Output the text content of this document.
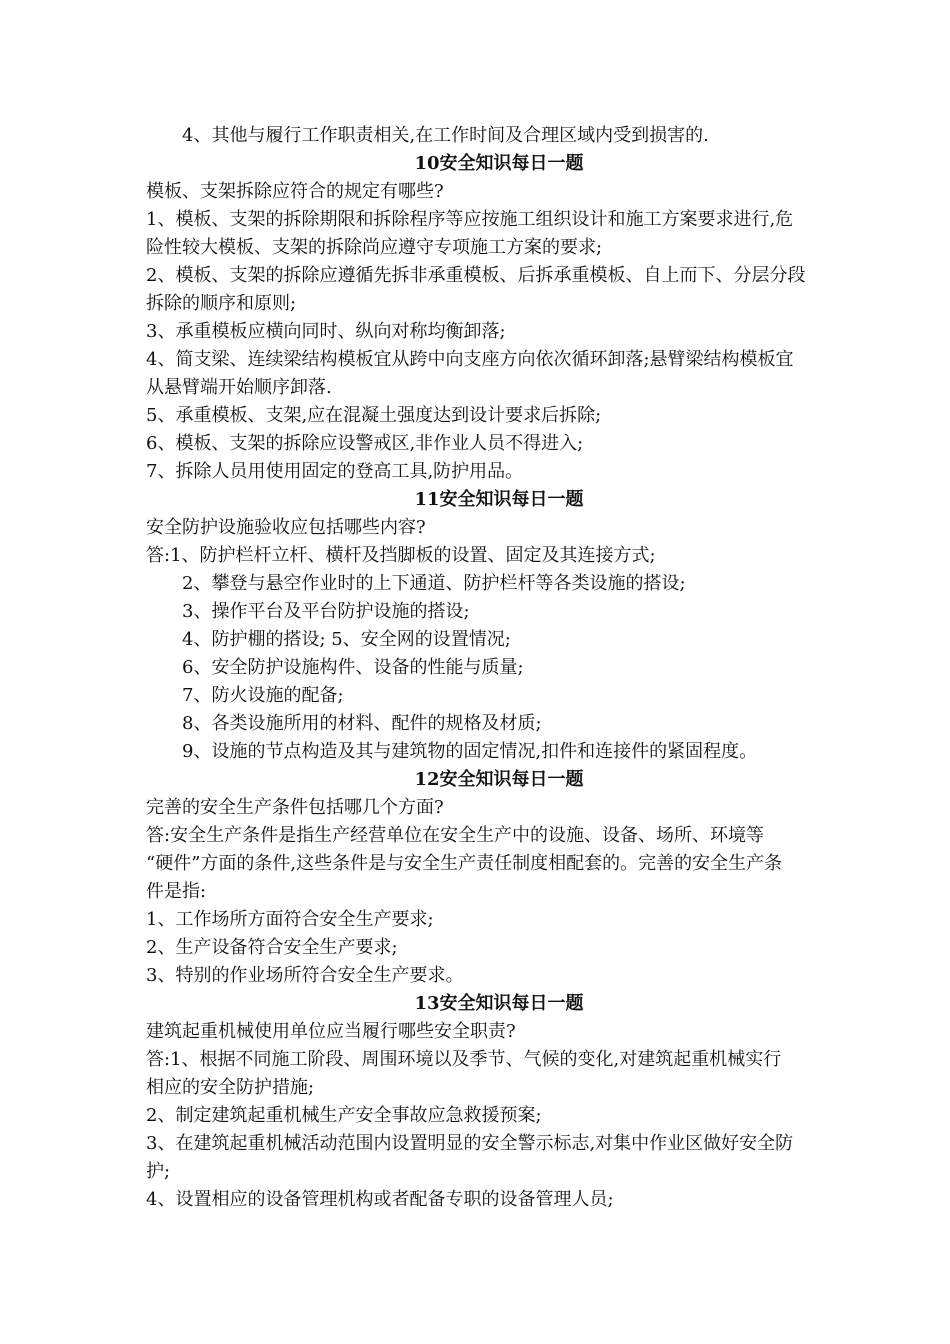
4、其他与履行工作职责相关,在工作时间及合理区域内受到损害的.
10安全知识每日一题
模板、支架拆除应符合的规定有哪些?
1、模板、支架的拆除期限和拆除程序等应按施工组织设计和施工方案要求进行,危
险性较大模板、支架的拆除尚应遵守专项施工方案的要求;
2、模板、支架的拆除应遵循先拆非承重模板、后拆承重模板、自上而下、分层分段
拆除的顺序和原则;
3、承重模板应横向同时、纵向对称均衡卸落;
4、简支梁、连续梁结构模板宜从跨中向支座方向依次循环卸落;悬臂梁结构模板宜
从悬臂端开始顺序卸落.
5、承重模板、支架,应在混凝土强度达到设计要求后拆除;
6、模板、支架的拆除应设警戒区,非作业人员不得进入;
7、拆除人员用使用固定的登高工具,防护用品。
11安全知识每日一题
安全防护设施验收应包括哪些内容?
答:1、防护栏杆立杆、横杆及挡脚板的设置、固定及其连接方式;
2、攀登与悬空作业时的上下通道、防护栏杆等各类设施的搭设;
3、操作平台及平台防护设施的搭设;
4、防护棚的搭设; 5、安全网的设置情况;
6、安全防护设施构件、设备的性能与质量;
7、防火设施的配备;
8、各类设施所用的材料、配件的规格及材质;
9、设施的节点构造及其与建筑物的固定情况,扣件和连接件的紧固程度。
12安全知识每日一题
完善的安全生产条件包括哪几个方面?
答:安全生产条件是指生产经营单位在安全生产中的设施、设备、场所、环境等
“硬件”方面的条件,这些条件是与安全生产责任制度相配套的。完善的安全生产条
件是指:
1、工作场所方面符合安全生产要求;
2、生产设备符合安全生产要求;
3、特别的作业场所符合安全生产要求。
13安全知识每日一题
建筑起重机械使用单位应当履行哪些安全职责?
答:1、根据不同施工阶段、周围环境以及季节、气候的变化,对建筑起重机械实行
相应的安全防护措施;
2、制定建筑起重机械生产安全事故应急救援预案;
3、在建筑起重机械活动范围内设置明显的安全警示标志,对集中作业区做好安全防
护;
4、设置相应的设备管理机构或者配备专职的设备管理人员;
